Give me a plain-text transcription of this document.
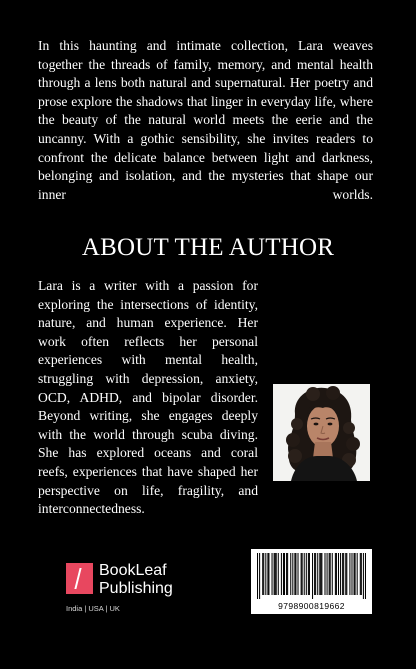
In this haunting and intimate collection, Lara weaves together the threads of family, memory, and mental health through a lens both natural and supernatural. Her poetry and prose explore the shadows that linger in everyday life, where the beauty of the natural world meets the eerie and the uncanny. With a gothic sensibility, she invites readers to confront the delicate balance between light and darkness, belonging and isolation, and the mysteries that shape our inner worlds.

ABOUT THE AUTHOR

Lara is a writer with a passion for exploring the intersections of identity, nature, and human experience. Her work often reflects her personal experiences with mental health, struggling with depression, anxiety, OCD, ADHD, and bipolar disorder. Beyond writing, she engages deeply with the world through scuba diving. She has explored oceans and coral reefs, experiences that have shaped her perspective on life, fragility, and interconnectedness.

BookLeaf
Publishing
India | USA | UK	9798900819662
